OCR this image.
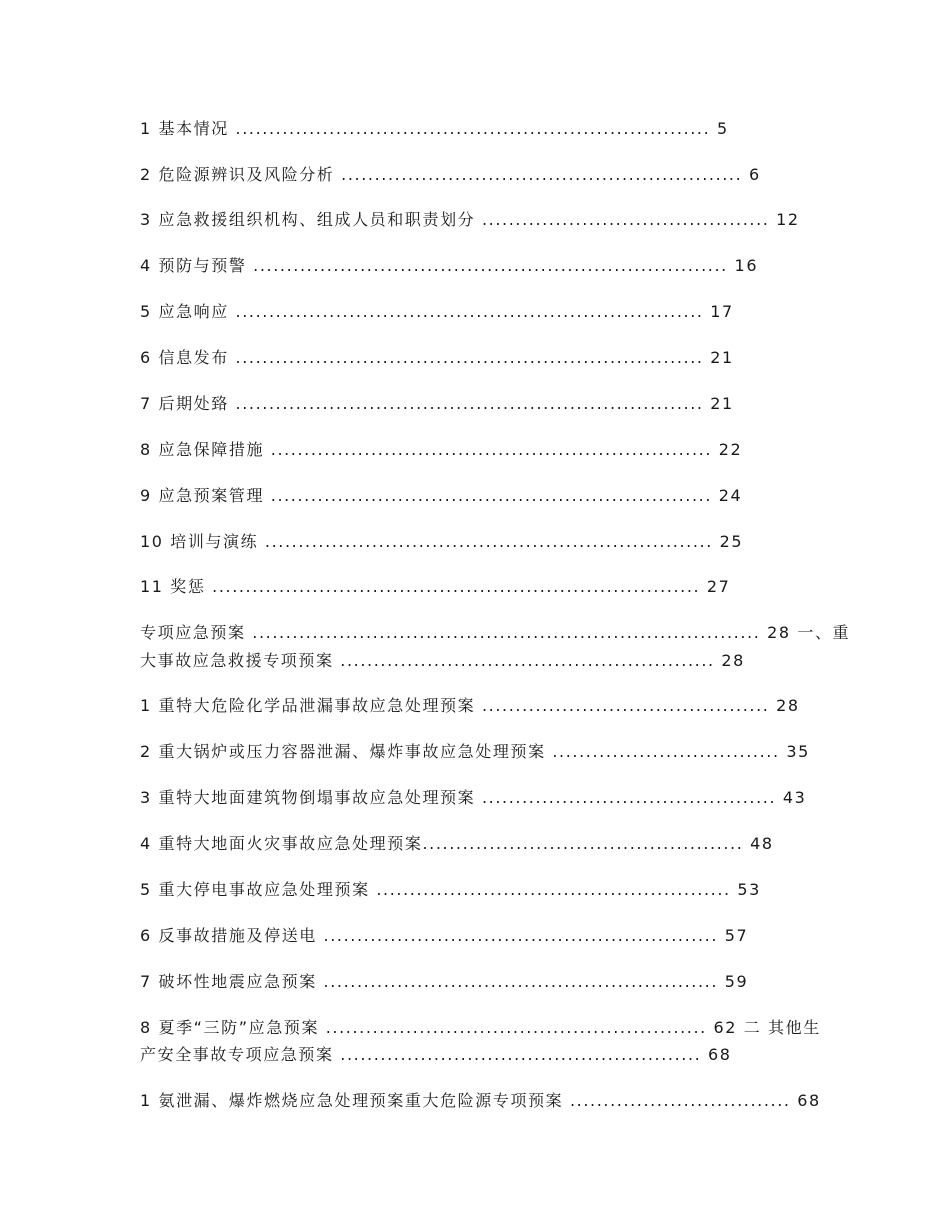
1 基本情况 ....................................................................... 5
2 危险源辨识及风险分析 ............................................................ 6
3 应急救援组织机构、组成人员和职责划分 ........................................... 12
4 预防与预警 ....................................................................... 16
5 应急响应 ...................................................................... 17
6 信息发布 ...................................................................... 21
7 后期处臵 ...................................................................... 21
8 应急保障措施 .................................................................. 22
9 应急预案管理 .................................................................. 24
10 培训与演练 ................................................................... 25
11 奖惩 ......................................................................... 27
专项应急预案 ............................................................................ 28 一、重
大事故应急救援专项预案 ........................................................ 28
1 重特大危险化学品泄漏事故应急处理预案 ........................................... 28
2 重大锅炉或压力容器泄漏、爆炸事故应急处理预案 .................................. 35
3 重特大地面建筑物倒塌事故应急处理预案 ............................................ 43
4 重特大地面火灾事故应急处理预案................................................ 48
5 重大停电事故应急处理预案 ..................................................... 53
6 反事故措施及停送电 ........................................................... 57
7 破坏性地震应急预案 ........................................................... 59
8 夏季“三防”应急预案 ......................................................... 62 二 其他生
产安全事故专项应急预案 ...................................................... 68
1 氨泄漏、爆炸燃烧应急处理预案重大危险源专项预案 ................................. 68
